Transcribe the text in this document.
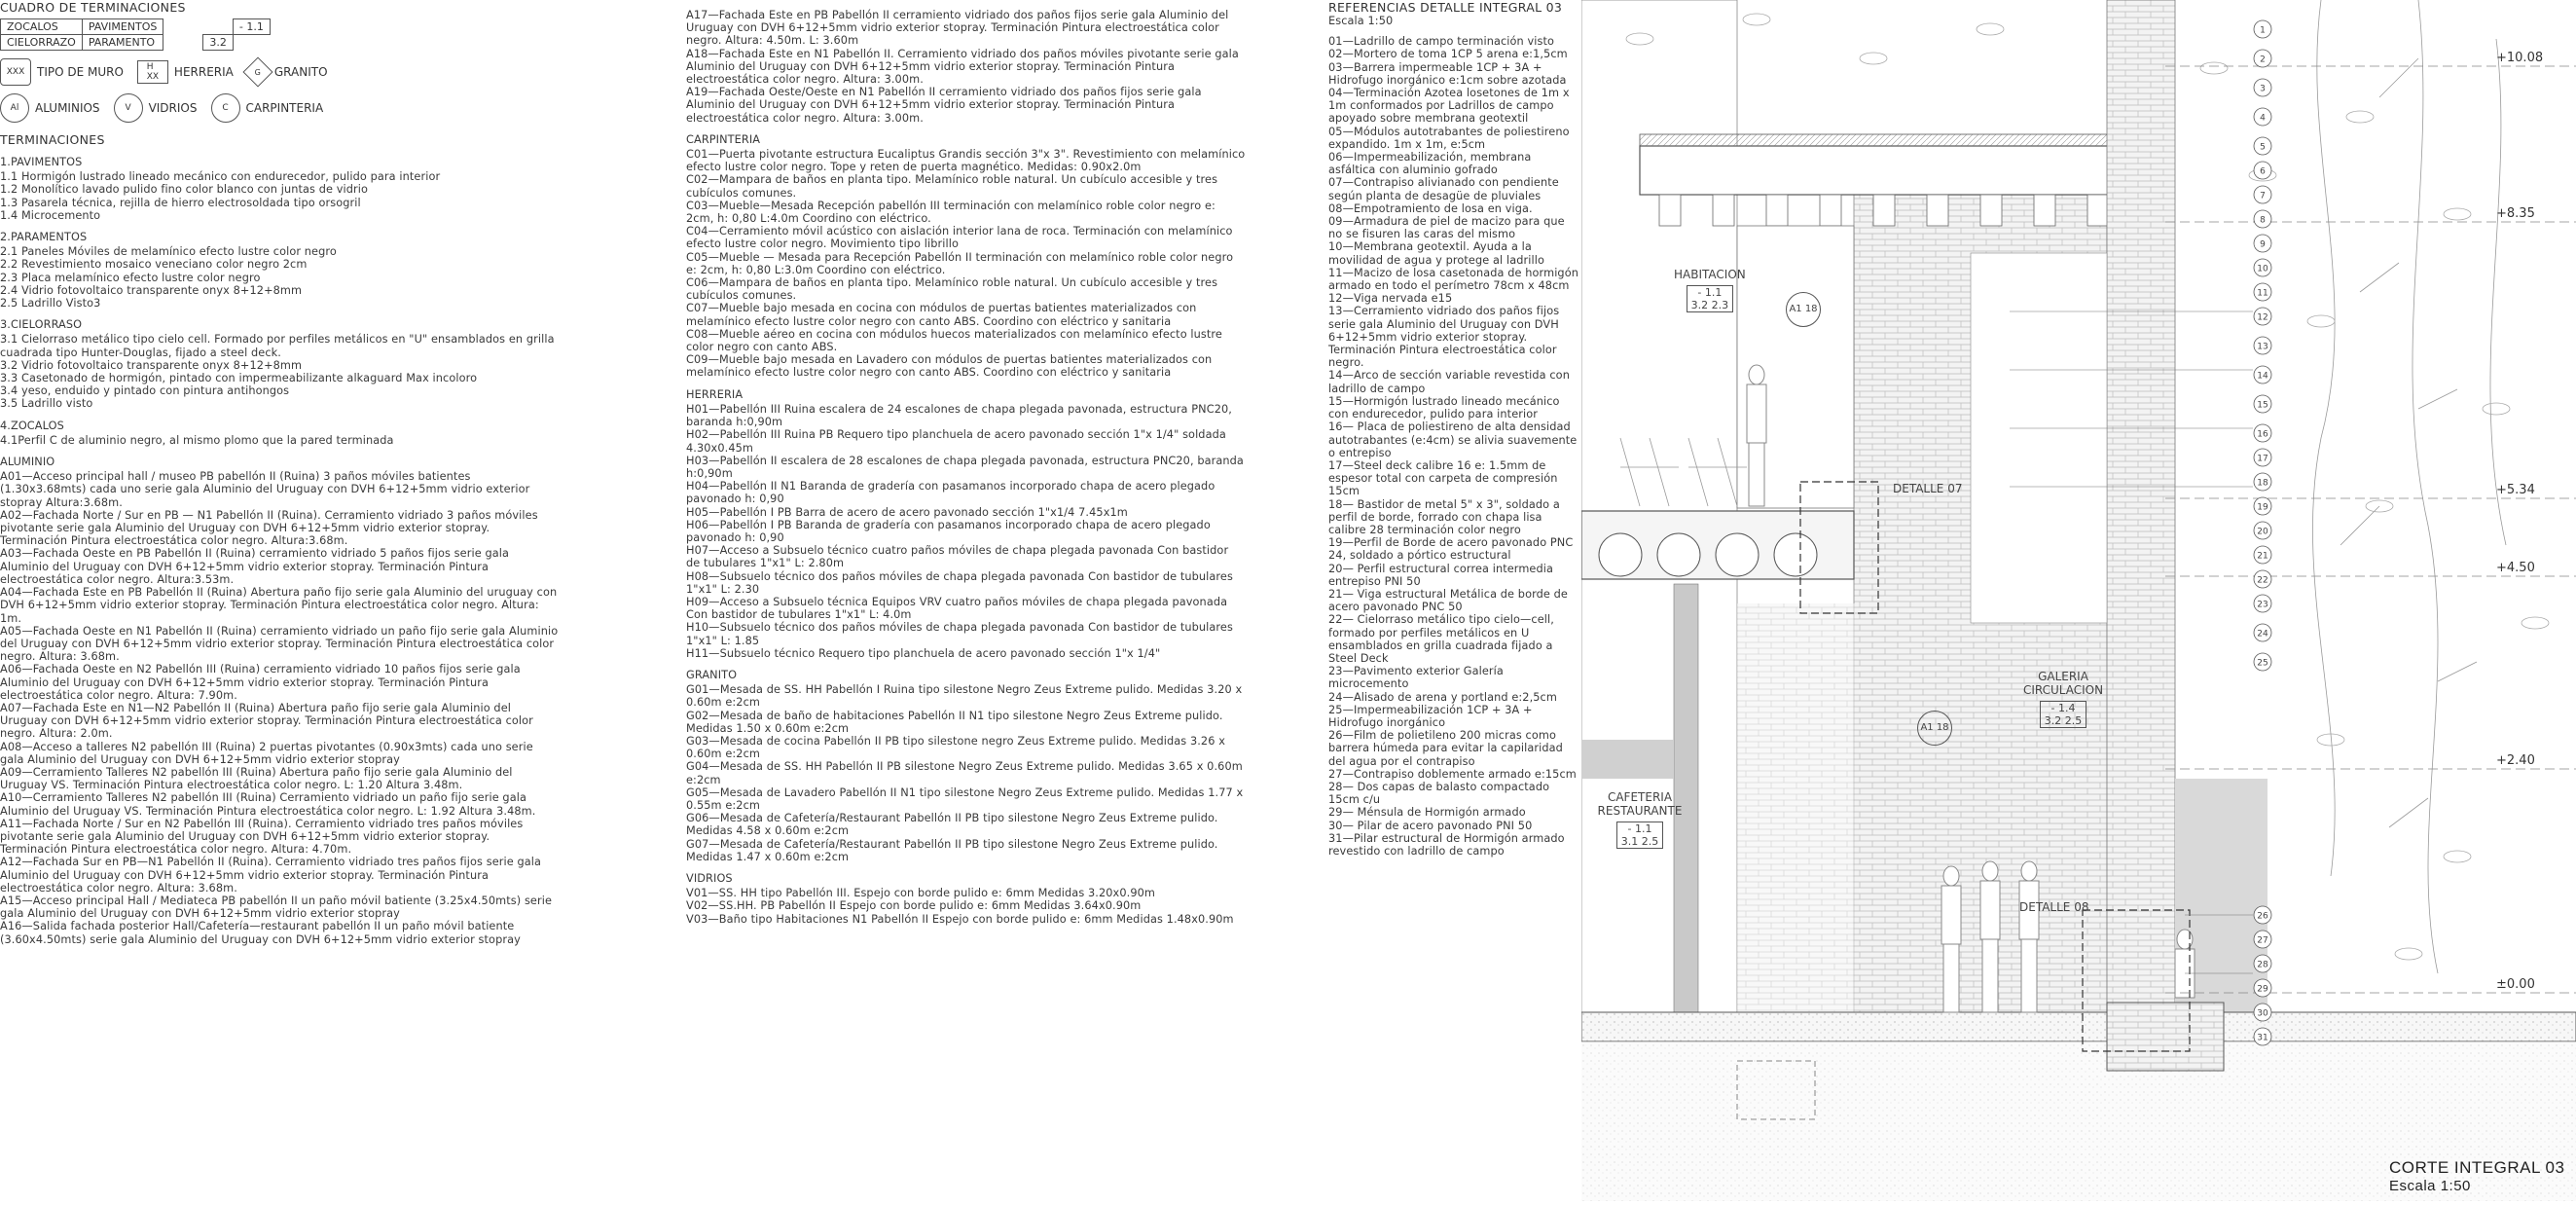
CUADRO DE TERMINACIONES
ZOCALOS	PAVIMENTOS
CIELORRAZO	PARAMENTO
	- 1.1
3.2	
XXX	TIPO DE MURO	H
XX	HERRERIA	G GRANITO
Al	ALUMINIOS	V	VIDRIOS	C	CARPINTERIA
TERMINACIONES
1.PAVIMENTOS
1.1 Hormigón lustrado lineado mecánico con endurecedor, pulido para interior
1.2 Monolítico lavado pulido fino color blanco con juntas de vidrio
1.3 Pasarela técnica, rejilla de hierro electrosoldada tipo orsogril
1.4 Microcemento
2.PARAMENTOS
2.1 Paneles Móviles de melamínico efecto lustre color negro
2.2 Revestimiento mosaico veneciano color negro 2cm
2.3 Placa melamínico efecto lustre color negro
2.4 Vidrio fotovoltaico transparente onyx 8+12+8mm
2.5 Ladrillo Visto3
3.CIELORRASO
3.1 Cielorraso metálico tipo cielo cell. Formado por perfiles metálicos en "U" ensamblados en grilla cuadrada tipo Hunter-Douglas, fijado a steel deck.
3.2 Vidrio fotovoltaico transparente onyx 8+12+8mm
3.3 Casetonado de hormigón, pintado con impermeabilizante alkaguard Max incoloro
3.4 yeso, enduido y pintado con pintura antihongos
3.5 Ladrillo visto
4.ZOCALOS
4.1Perfil C de aluminio negro, al mismo plomo que la pared terminada
ALUMINIO
A01—Acceso principal hall / museo PB pabellón II (Ruina) 3 paños móviles batientes (1.30x3.68mts) cada uno serie gala Aluminio del Uruguay con DVH 6+12+5mm vidrio exterior stopray Altura:3.68m.
A02—Fachada Norte / Sur en PB — N1 Pabellón II (Ruina). Cerramiento vidriado 3 paños móviles pivotante serie gala Aluminio del Uruguay con DVH 6+12+5mm vidrio exterior stopray. Terminación Pintura electroestática color negro. Altura:3.68m.
A03—Fachada Oeste en PB Pabellón II (Ruina) cerramiento vidriado 5 paños fijos serie gala Aluminio del Uruguay con DVH 6+12+5mm vidrio exterior stopray. Terminación Pintura electroestática color negro. Altura:3.53m.
A04—Fachada Este en PB Pabellón II (Ruina) Abertura paño fijo serie gala Aluminio del uruguay con DVH 6+12+5mm vidrio exterior stopray. Terminación Pintura electroestática color negro. Altura: 1m.
A05—Fachada Oeste en N1 Pabellón II (Ruina) cerramiento vidriado un paño fijo serie gala Aluminio del Uruguay con DVH 6+12+5mm vidrio exterior stopray. Terminación Pintura electroestática color negro. Altura: 3.68m.
A06—Fachada Oeste en N2 Pabellón III (Ruina) cerramiento vidriado 10 paños fijos serie gala Aluminio del Uruguay con DVH 6+12+5mm vidrio exterior stopray. Terminación Pintura electroestática color negro. Altura: 7.90m.
A07—Fachada Este en N1—N2 Pabellón II (Ruina) Abertura paño fijo serie gala Aluminio del Uruguay con DVH 6+12+5mm vidrio exterior stopray. Terminación Pintura electroestática color negro. Altura: 2.0m.
A08—Acceso a talleres N2 pabellón III (Ruina) 2 puertas pivotantes (0.90x3mts) cada uno serie gala Aluminio del Uruguay con DVH 6+12+5mm vidrio exterior stopray
A09—Cerramiento Talleres N2 pabellón III (Ruina) Abertura paño fijo serie gala Aluminio del Uruguay VS. Terminación Pintura electroestática color negro. L: 1.20 Altura 3.48m.
A10—Cerramiento Talleres N2 pabellón III (Ruina) Cerramiento vidriado un paño fijo serie gala Aluminio del Uruguay VS. Terminación Pintura electroestática color negro. L: 1.92 Altura 3.48m.
A11—Fachada Norte / Sur en N2 Pabellón III (Ruina). Cerramiento vidriado tres paños móviles pivotante serie gala Aluminio del Uruguay con DVH 6+12+5mm vidrio exterior stopray. Terminación Pintura electroestática color negro. Altura: 4.70m.
A12—Fachada Sur en PB—N1 Pabellón II (Ruina). Cerramiento vidriado tres paños fijos serie gala Aluminio del Uruguay con DVH 6+12+5mm vidrio exterior stopray. Terminación Pintura electroestática color negro. Altura: 3.68m.
A15—Acceso principal Hall / Mediateca PB pabellón II un paño móvil batiente (3.25x4.50mts) serie gala Aluminio del Uruguay con DVH 6+12+5mm vidrio exterior stopray
A16—Salida fachada posterior Hall/Cafetería—restaurant pabellón II un paño móvil batiente (3.60x4.50mts) serie gala Aluminio del Uruguay con DVH 6+12+5mm vidrio exterior stopray
A17—Fachada Este en PB Pabellón II cerramiento vidriado dos paños fijos serie gala Aluminio del Uruguay con DVH 6+12+5mm vidrio exterior stopray. Terminación Pintura electroestática color negro. Altura: 4.50m. L: 3.60m
A18—Fachada Este en N1 Pabellón II. Cerramiento vidriado dos paños móviles pivotante serie gala Aluminio del Uruguay con DVH 6+12+5mm vidrio exterior stopray. Terminación Pintura electroestática color negro. Altura: 3.00m.
A19—Fachada Oeste/Oeste en N1 Pabellón II cerramiento vidriado dos paños fijos serie gala Aluminio del Uruguay con DVH 6+12+5mm vidrio exterior stopray. Terminación Pintura electroestática color negro. Altura: 3.00m.
CARPINTERIA
C01—Puerta pivotante estructura Eucaliptus Grandis sección 3"x 3". Revestimiento con melamínico efecto lustre color negro. Tope y reten de puerta magnético. Medidas: 0.90x2.0m
C02—Mampara de baños en planta tipo. Melamínico roble natural. Un cubículo accesible y tres cubículos comunes.
C03—Mueble—Mesada Recepción pabellón III terminación con melamínico roble color negro e: 2cm, h: 0,80 L:4.0m Coordino con eléctrico.
C04—Cerramiento móvil acústico con aislación interior lana de roca. Terminación con melamínico efecto lustre color negro. Movimiento tipo librillo
C05—Mueble — Mesada para Recepción Pabellón II terminación con melamínico roble color negro e: 2cm, h: 0,80 L:3.0m Coordino con eléctrico.
C06—Mampara de baños en planta tipo. Melamínico roble natural. Un cubículo accesible y tres cubículos comunes.
C07—Mueble bajo mesada en cocina con módulos de puertas batientes materializados con melamínico efecto lustre color negro con canto ABS. Coordino con eléctrico y sanitaria
C08—Mueble aéreo en cocina con módulos huecos materializados con melamínico efecto lustre color negro con canto ABS.
C09—Mueble bajo mesada en Lavadero con módulos de puertas batientes materializados con melamínico efecto lustre color negro con canto ABS. Coordino con eléctrico y sanitaria
HERRERIA
H01—Pabellón III Ruina escalera de 24 escalones de chapa plegada pavonada, estructura PNC20, baranda h:0,90m
H02—Pabellón III Ruina PB Requero tipo planchuela de acero pavonado sección 1"x 1/4" soldada 4.30x0.45m
H03—Pabellón II escalera de 28 escalones de chapa plegada pavonada, estructura PNC20, baranda h:0,90m
H04—Pabellón II N1 Baranda de gradería con pasamanos incorporado chapa de acero plegado pavonado h: 0,90
H05—Pabellón I PB Barra de acero de acero pavonado sección 1"x1/4 7.45x1m
H06—Pabellón I PB Baranda de gradería con pasamanos incorporado chapa de acero plegado pavonado h: 0,90
H07—Acceso a Subsuelo técnico cuatro paños móviles de chapa plegada pavonada Con bastidor de tubulares 1"x1" L: 2.80m
H08—Subsuelo técnico dos paños móviles de chapa plegada pavonada Con bastidor de tubulares 1"x1" L: 2.30
H09—Acceso a Subsuelo técnica Equipos VRV cuatro paños móviles de chapa plegada pavonada Con bastidor de tubulares 1"x1" L: 4.0m
H10—Subsuelo técnico dos paños móviles de chapa plegada pavonada Con bastidor de tubulares 1"x1" L: 1.85
H11—Subsuelo técnico Requero tipo planchuela de acero pavonado sección 1"x 1/4"
GRANITO
G01—Mesada de SS. HH Pabellón I Ruina tipo silestone Negro Zeus Extreme pulido. Medidas 3.20 x 0.60m e:2cm
G02—Mesada de baño de habitaciones Pabellón II N1 tipo silestone Negro Zeus Extreme pulido. Medidas 1.50 x 0.60m e:2cm
G03—Mesada de cocina Pabellón II PB tipo silestone negro Zeus Extreme pulido. Medidas 3.26 x 0.60m e:2cm
G04—Mesada de SS. HH Pabellón II PB silestone Negro Zeus Extreme pulido. Medidas 3.65 x 0.60m e:2cm
G05—Mesada de Lavadero Pabellón II N1 tipo silestone Negro Zeus Extreme pulido. Medidas 1.77 x 0.55m e:2cm
G06—Mesada de Cafetería/Restaurant Pabellón II PB tipo silestone Negro Zeus Extreme pulido. Medidas 4.58 x 0.60m e:2cm
G07—Mesada de Cafetería/Restaurant Pabellón II PB tipo silestone Negro Zeus Extreme pulido. Medidas 1.47 x 0.60m e:2cm
VIDRIOS
V01—SS. HH tipo Pabellón III. Espejo con borde pulido e: 6mm Medidas 3.20x0.90m
V02—SS.HH. PB Pabellón II Espejo con borde pulido e: 6mm Medidas 3.64x0.90m
V03—Baño tipo Habitaciones N1 Pabellón II Espejo con borde pulido e: 6mm Medidas 1.48x0.90m
REFERENCIAS DETALLE INTEGRAL 03
Escala 1:50
01—Ladrillo de campo terminación visto
02—Mortero de toma 1CP 5 arena e:1,5cm
03—Barrera impermeable 1CP + 3A + Hidrofugo inorgánico e:1cm sobre azotada
04—Terminación Azotea losetones de 1m x 1m conformados por Ladrillos de campo apoyado sobre membrana geotextil
05—Módulos autotrabantes de poliestireno expandido. 1m x 1m, e:5cm
06—Impermeabilización, membrana asfáltica con aluminio gofrado
07—Contrapiso alivianado con pendiente según planta de desagüe de pluviales
08—Empotramiento de losa en viga.
09—Armadura de piel de macizo para que no se fisuren las caras del mismo
10—Membrana geotextil. Ayuda a la movilidad de agua y protege al ladrillo
11—Macizo de losa casetonada de hormigón armado en todo el perímetro 78cm x 48cm
12—Viga nervada e15
13—Cerramiento vidriado dos paños fijos serie gala Aluminio del Uruguay con DVH 6+12+5mm vidrio exterior stopray. Terminación Pintura electroestática color negro.
14—Arco de sección variable revestida con ladrillo de campo
15—Hormigón lustrado lineado mecánico con endurecedor, pulido para interior
16— Placa de poliestireno de alta densidad autotrabantes (e:4cm) se alivia suavemente o entrepiso
17—Steel deck calibre 16 e: 1.5mm de espesor total con carpeta de compresión 15cm
18— Bastidor de metal 5" x 3", soldado a perfil de borde, forrado con chapa lisa calibre 28 terminación color negro
19—Perfil de Borde de acero pavonado PNC 24, soldado a pórtico estructural
20— Perfil estructural correa intermedia entrepiso PNI 50
21— Viga estructural Metálica de borde de acero pavonado PNC 50
22— Cielorraso metálico tipo cielo—cell, formado por perfiles metálicos en U ensamblados en grilla cuadrada fijado a Steel Deck
23—Pavimento exterior Galería microcemento
24—Alisado de arena y portland e:2,5cm
25—Impermeabilización 1CP + 3A + Hidrofugo inorgánico
26—Film de polietileno 200 micras como barrera húmeda para evitar la capilaridad del agua por el contrapiso
27—Contrapiso doblemente armado e:15cm
28— Dos capas de balasto compactado 15cm c/u
29— Ménsula de Hormigón armado
30— Pilar de acero pavonado PNI 50
31—Pilar estructural de Hormigón armado revestido con ladrillo de campo
1
2
3
4
5
6
7
8
9
10
11
12
13
14
15
16
17
18
19
20
21
22
23
24
25
26
27
28
29
30
31
+10.08
+8.35
+5.34
+4.50
+2.40
±0.00
HABITACION
- 1.1
3.2 2.3
GALERIA CIRCULACION
- 1.4
3.2 2.5
CAFETERIA RESTAURANTE
- 1.1
3.1 2.5
A1 18
A1 18
DETALLE 07
DETALLE 08
CORTE INTEGRAL 03
Escala 1:50
